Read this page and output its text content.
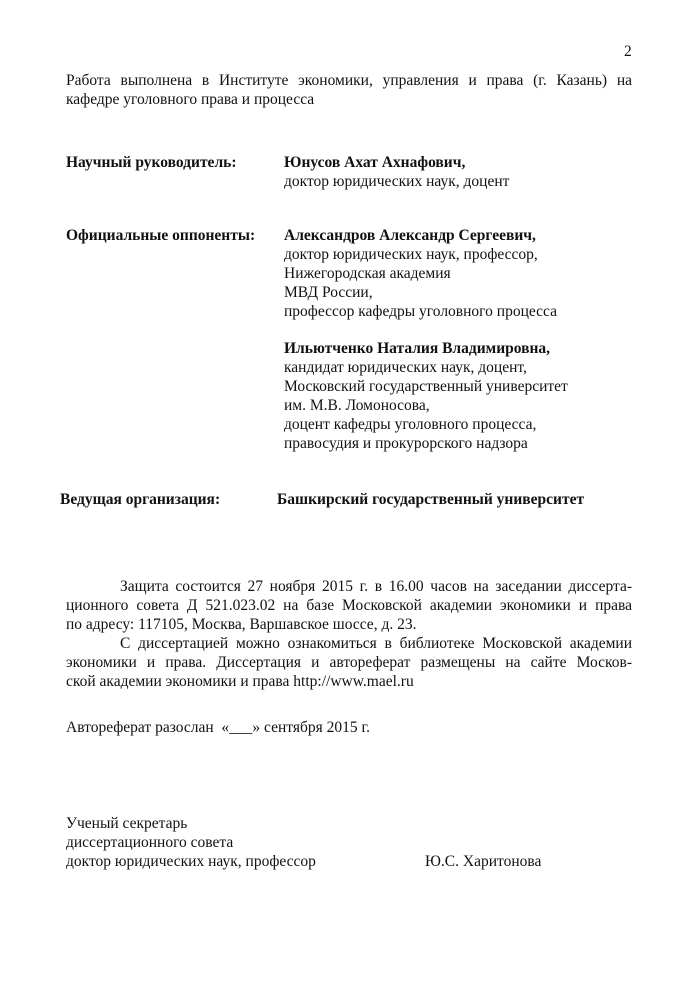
2
Работа выполнена в Институте экономики, управления и права (г. Казань) на
кафедре уголовного права и процесса
Научный руководитель:	Юнусов Ахат Ахнафович,
доктор юридических наук, доцент
Официальные оппоненты: Александров Александр Сергеевич,
доктор юридических наук, профессор,
Нижегородская академия
МВД России,
профессор кафедры уголовного процесса
Ильютченко Наталия Владимировна,
кандидат юридических наук, доцент,
Московский государственный университет
им. М.В. Ломоносова,
доцент кафедры уголовного процесса,
правосудия и прокурорского надзора
Ведущая организация:	Башкирский государственный университет
Защита состоится 27 ноября 2015 г. в 16.00 часов на заседании диссерта-
ционного совета Д 521.023.02 на базе Московской академии экономики и права
по адресу: 117105, Москва, Варшавское шоссе, д. 23.
С диссертацией можно ознакомиться в библиотеке Московской академии
экономики и права. Диссертация и автореферат размещены на сайте Москов-
ской академии экономики и права http://www.mael.ru
Автореферат разослан  «___» сентября 2015 г.
Ученый секретарь
диссертационного совета
доктор юридических наук, профессор	Ю.С. Харитонова
